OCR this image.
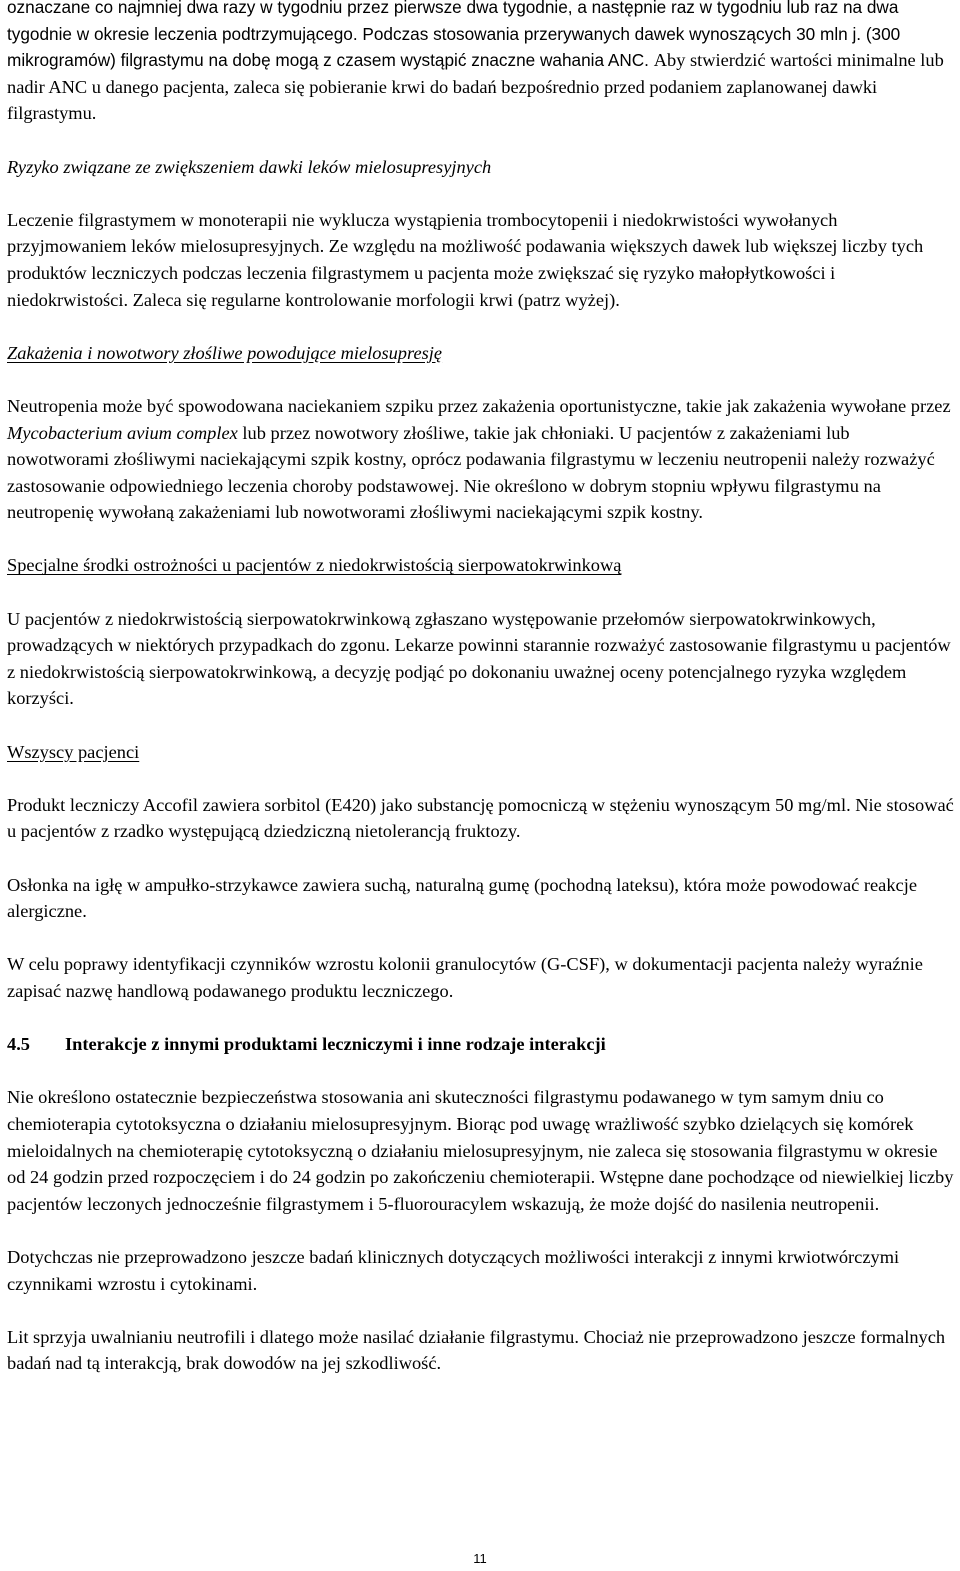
oznaczane co najmniej dwa razy w tygodniu przez pierwsze dwa tygodnie, a następnie raz w tygodniu lub raz na dwa tygodnie w okresie leczenia podtrzymującego. Podczas stosowania przerywanych dawek wynoszących 30 mln j. (300 mikrogramów) filgrastymu na dobę mogą z czasem wystąpić znaczne wahania ANC. Aby stwierdzić wartości minimalne lub nadir ANC u danego pacjenta, zaleca się pobieranie krwi do badań bezpośrednio przed podaniem zaplanowanej dawki filgrastymu.

Ryzyko związane ze zwiększeniem dawki leków mielosupresyjnych

Leczenie filgrastymem w monoterapii nie wyklucza wystąpienia trombocytopenii i niedokrwistości wywołanych przyjmowaniem leków mielosupresyjnych. Ze względu na możliwość podawania większych dawek lub większej liczby tych produktów leczniczych podczas leczenia filgrastymem u pacjenta może zwiększać się ryzyko małopłytkowości i niedokrwistości. Zaleca się regularne kontrolowanie morfologii krwi (patrz wyżej).

Zakażenia i nowotwory złośliwe powodujące mielosupresję

Neutropenia może być spowodowana naciekaniem szpiku przez zakażenia oportunistyczne, takie jak zakażenia wywołane przez Mycobacterium avium complex lub przez nowotwory złośliwe, takie jak chłoniaki. U pacjentów z zakażeniami lub nowotworami złośliwymi naciekającymi szpik kostny, oprócz podawania filgrastymu w leczeniu neutropenii należy rozważyć zastosowanie odpowiedniego leczenia choroby podstawowej. Nie określono w dobrym stopniu wpływu filgrastymu na neutropenię wywołaną zakażeniami lub nowotworami złośliwymi naciekającymi szpik kostny.

Specjalne środki ostrożności u pacjentów z niedokrwistością sierpowatokrwinkową

U pacjentów z niedokrwistością sierpowatokrwinkową zgłaszano występowanie przełomów sierpowatokrwinkowych, prowadzących w niektórych przypadkach do zgonu. Lekarze powinni starannie rozważyć zastosowanie filgrastymu u pacjentów z niedokrwistością sierpowatokrwinkową, a decyzję podjąć po dokonaniu uważnej oceny potencjalnego ryzyka względem korzyści.

Wszyscy pacjenci

Produkt leczniczy Accofil zawiera sorbitol (E420) jako substancję pomocniczą w stężeniu wynoszącym 50 mg/ml. Nie stosować u pacjentów z rzadko występującą dziedziczną nietolerancją fruktozy.

Osłonka na igłę w ampułko-strzykawce zawiera suchą, naturalną gumę (pochodną lateksu), która może powodować reakcje alergiczne.

W celu poprawy identyfikacji czynników wzrostu kolonii granulocytów (G-CSF), w dokumentacji pacjenta należy wyraźnie zapisać nazwę handlową podawanego produktu leczniczego.

4.5 Interakcje z innymi produktami leczniczymi i inne rodzaje interakcji

Nie określono ostatecznie bezpieczeństwa stosowania ani skuteczności filgrastymu podawanego w tym samym dniu co chemioterapia cytotoksyczna o działaniu mielosupresyjnym. Biorąc pod uwagę wrażliwość szybko dzielących się komórek mieloidalnych na chemioterapię cytotoksyczną o działaniu mielosupresyjnym, nie zaleca się stosowania filgrastymu w okresie od 24 godzin przed rozpoczęciem i do 24 godzin po zakończeniu chemioterapii. Wstępne dane pochodzące od niewielkiej liczby pacjentów leczonych jednocześnie filgrastymem i 5-fluorouracylem wskazują, że może dojść do nasilenia neutropenii.

Dotychczas nie przeprowadzono jeszcze badań klinicznych dotyczących możliwości interakcji z innymi krwiotwórczymi czynnikami wzrostu i cytokinami.

Lit sprzyja uwalnianiu neutrofili i dlatego może nasilać działanie filgrastymu. Chociaż nie przeprowadzono jeszcze formalnych badań nad tą interakcją, brak dowodów na jej szkodliwość.

11
